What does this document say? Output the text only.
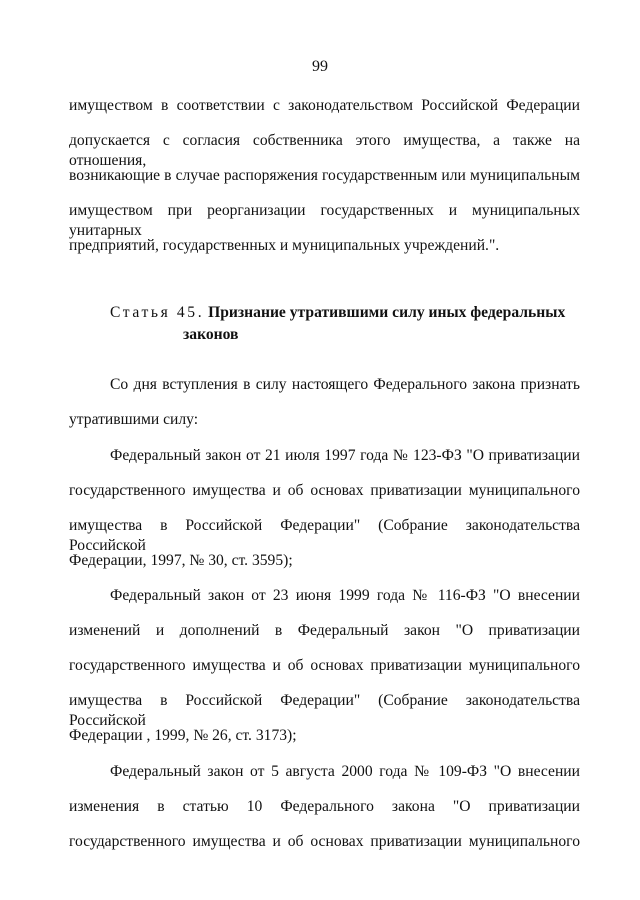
99
имуществом в соответствии с законодательством Российской Федерации
допускается с согласия собственника этого имущества, а также на отношения,
возникающие в случае распоряжения государственным или муниципальным
имуществом при реорганизации государственных и муниципальных унитарных
предприятий, государственных и муниципальных учреждений.".
Статья 45. Признание утратившими силу иных федеральных
законов
Со дня вступления в силу настоящего Федерального закона признать
утратившими силу:
Федеральный закон от 21 июля 1997 года № 123-ФЗ "О приватизации
государственного имущества и об основах приватизации муниципального
имущества в Российской Федерации" (Собрание законодательства Российской
Федерации, 1997, № 30, ст. 3595);
Федеральный закон от 23 июня 1999 года № 116-ФЗ "О внесении
изменений и дополнений в Федеральный закон "О приватизации
государственного имущества и об основах приватизации муниципального
имущества в Российской Федерации" (Собрание законодательства Российской
Федерации , 1999, № 26, ст. 3173);
Федеральный закон от 5 августа 2000 года № 109-ФЗ "О внесении
изменения в статью 10 Федерального закона "О приватизации
государственного имущества и об основах приватизации муниципального
